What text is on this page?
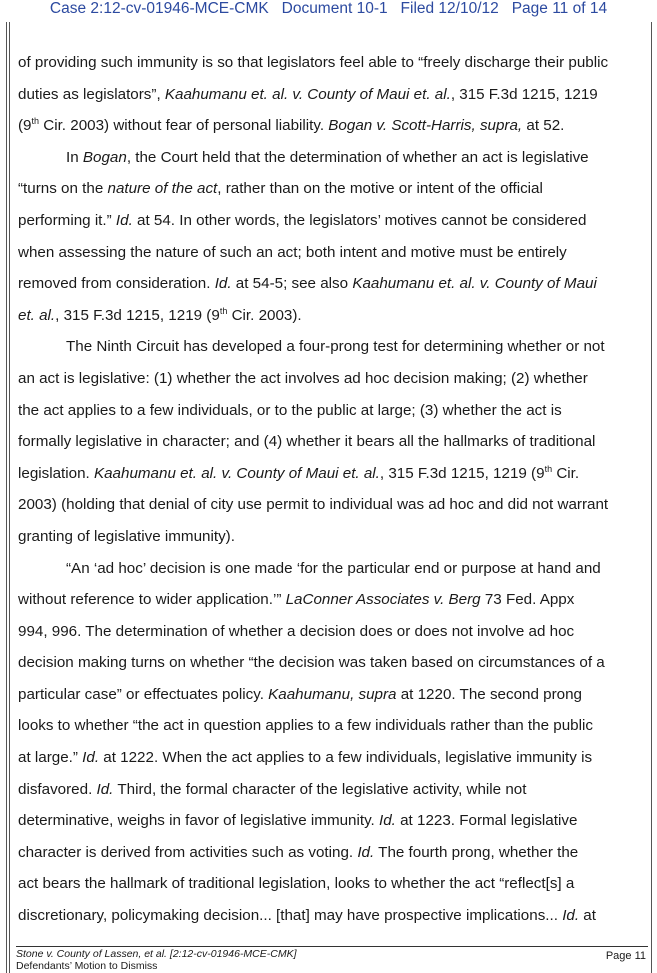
Case 2:12-cv-01946-MCE-CMK Document 10-1 Filed 12/10/12 Page 11 of 14
of providing such immunity is so that legislators feel able to “freely discharge their public
duties as legislators”, Kaahumanu et. al. v. County of Maui et. al., 315 F.3d 1215, 1219
(9th Cir. 2003) without fear of personal liability. Bogan v. Scott-Harris, supra, at 52.
In Bogan, the Court held that the determination of whether an act is legislative
“turns on the nature of the act, rather than on the motive or intent of the official
performing it.” Id. at 54. In other words, the legislators’ motives cannot be considered
when assessing the nature of such an act; both intent and motive must be entirely
removed from consideration. Id. at 54-5; see also Kaahumanu et. al. v. County of Maui
et. al., 315 F.3d 1215, 1219 (9th Cir. 2003).
The Ninth Circuit has developed a four-prong test for determining whether or not
an act is legislative: (1) whether the act involves ad hoc decision making; (2) whether
the act applies to a few individuals, or to the public at large; (3) whether the act is
formally legislative in character; and (4) whether it bears all the hallmarks of traditional
legislation. Kaahumanu et. al. v. County of Maui et. al., 315 F.3d 1215, 1219 (9th Cir.
2003) (holding that denial of city use permit to individual was ad hoc and did not warrant
granting of legislative immunity).
“An ‘ad hoc’ decision is one made ‘for the particular end or purpose at hand and
without reference to wider application.’” LaConner Associates v. Berg 73 Fed. Appx
994, 996. The determination of whether a decision does or does not involve ad hoc
decision making turns on whether “the decision was taken based on circumstances of a
particular case” or effectuates policy. Kaahumanu, supra at 1220. The second prong
looks to whether “the act in question applies to a few individuals rather than the public
at large.” Id. at 1222. When the act applies to a few individuals, legislative immunity is
disfavored. Id. Third, the formal character of the legislative activity, while not
determinative, weighs in favor of legislative immunity. Id. at 1223. Formal legislative
character is derived from activities such as voting. Id. The fourth prong, whether the
act bears the hallmark of traditional legislation, looks to whether the act “reflect[s] a
discretionary, policymaking decision... [that] may have prospective implications... Id. at
Stone v. County of Lassen, et al. [2:12-cv-01946-MCE-CMK]
Defendants’ Motion to Dismiss
Page 11
